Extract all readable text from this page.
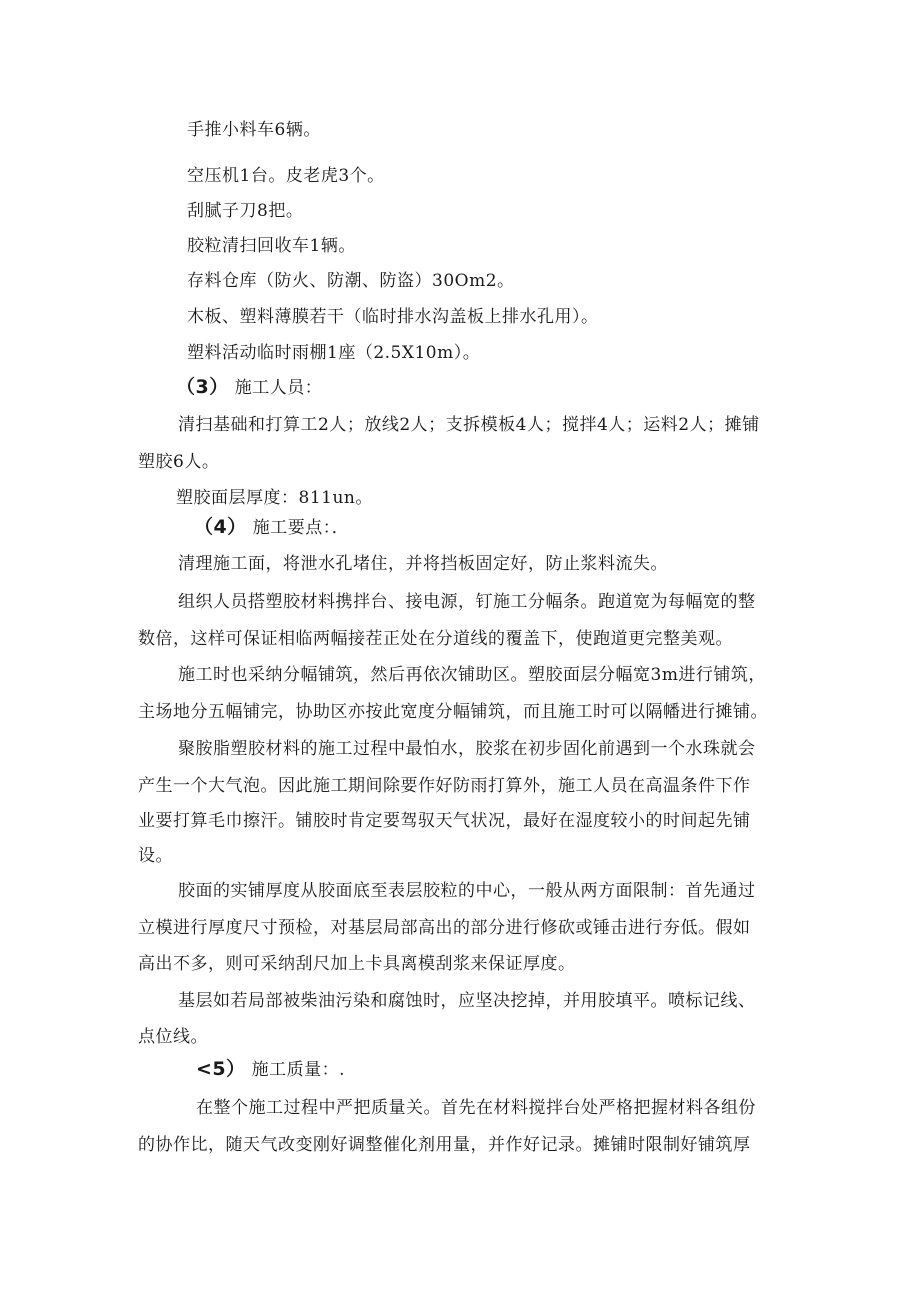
手推小料车6辆。
空压机1台。皮老虎3个。
刮腻子刀8把。
胶粒清扫回收车1辆。
存料仓库（防火、防潮、防盗）30Om2。
木板、塑料薄膜若干（临时排水沟盖板上排水孔用）。
塑料活动临时雨棚1座（2.5X10m）。
（3） 施工人员：
清扫基础和打算工2人；放线2人；支拆模板4人；搅拌4人；运料2人；摊铺
塑胶6人。
塑胶面层厚度：811un。
（4） 施工要点：．
清理施工面，将泄水孔堵住，并将挡板固定好，防止浆料流失。
组织人员搭塑胶材料携拌台、接电源，钉施工分幅条。跑道宽为每幅宽的整
数倍，这样可保证相临两幅接茬正处在分道线的覆盖下，使跑道更完整美观。
施工时也采纳分幅铺筑，然后再依次铺助区。塑胶面层分幅宽3m进行铺筑，
主场地分五幅铺完，协助区亦按此宽度分幅铺筑，而且施工时可以隔幡进行摊铺。
聚胺脂塑胶材料的施工过程中最怕水，胶浆在初步固化前遇到一个水珠就会
产生一个大气泡。因此施工期间除要作好防雨打算外，施工人员在高温条件下作
业要打算毛巾擦汗。铺胶时肯定要驾驭天气状况，最好在湿度较小的时间起先铺
设。
胶面的实铺厚度从胶面底至表层胶粒的中心，一般从两方面限制：首先通过
立模进行厚度尺寸预检，对基层局部高出的部分进行修砍或锤击进行夯低。假如
高出不多，则可采纳刮尺加上卡具离模刮浆来保证厚度。
基层如若局部被柴油污染和腐蚀时，应坚决挖掉，并用胶填平。喷标记线、
点位线。
<5） 施工质量：.
在整个施工过程中严把质量关。首先在材料搅拌台处严格把握材料各组份
的协作比，随天气改变刚好调整催化剂用量，并作好记录。摊铺时限制好铺筑厚
